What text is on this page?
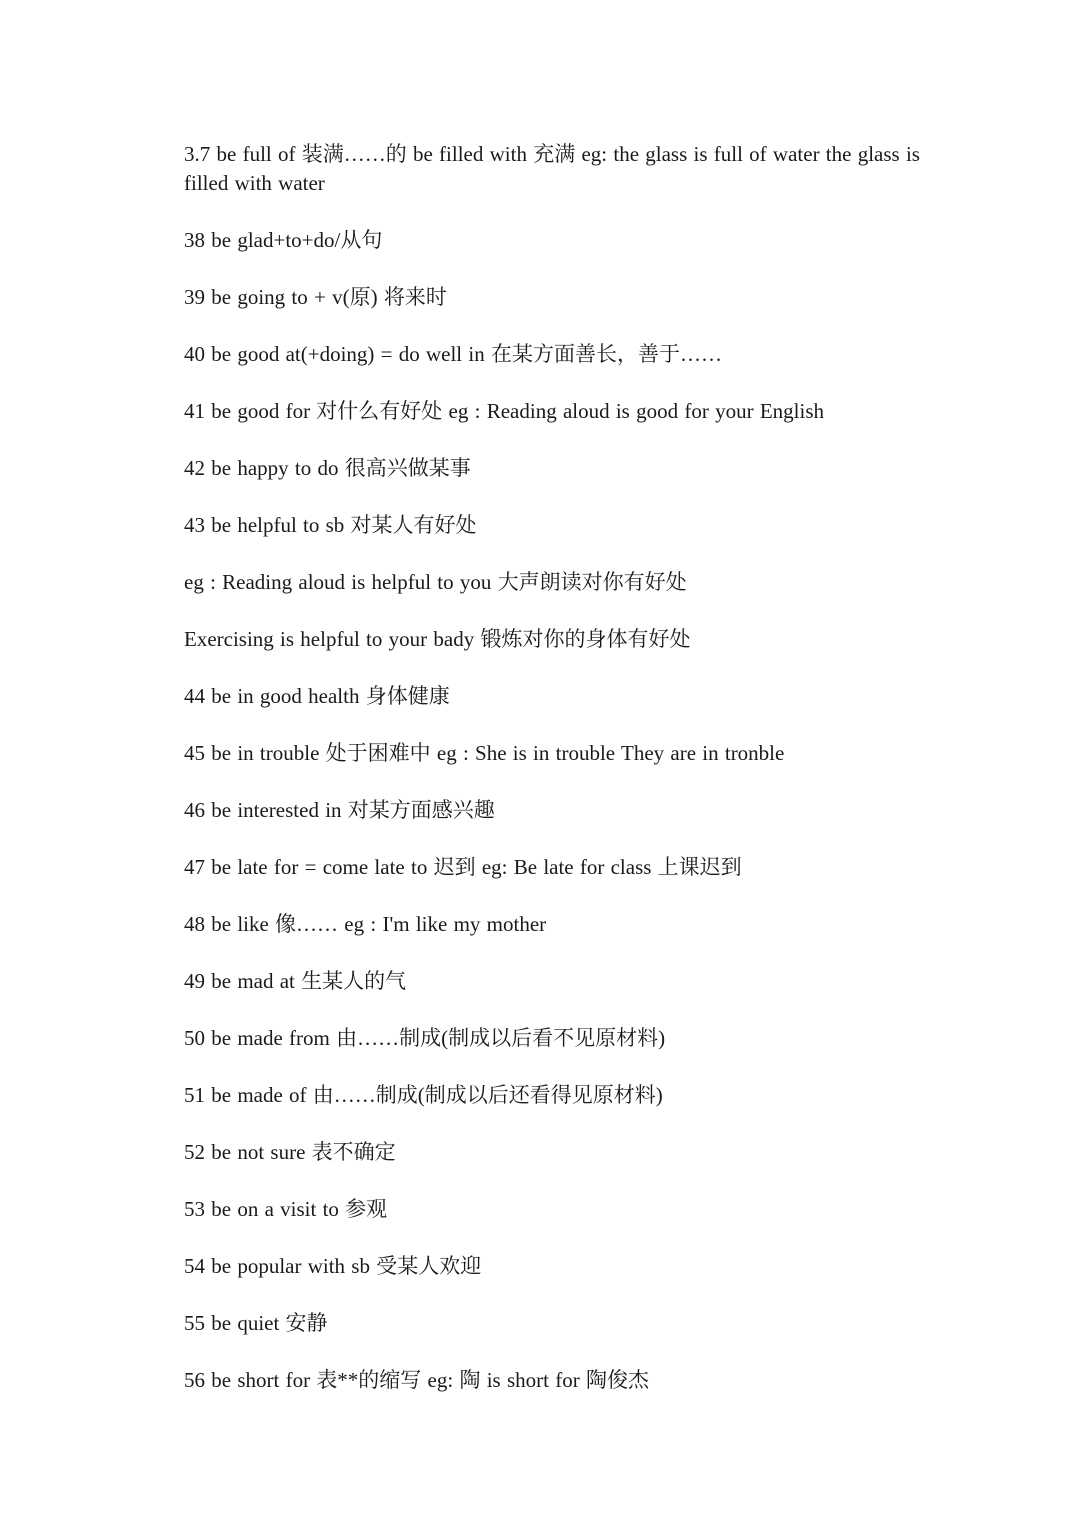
3.7 be full of 装满……的 be filled with 充满 eg: the glass is full of water the glass is filled with water

38 be glad+to+do/从句

39 be going to + v(原) 将来时

40 be good at(+doing) = do well in 在某方面善长，善于……

41 be good for 对什么有好处 eg : Reading aloud is good for your English

42 be happy to do 很高兴做某事

43 be helpful to sb 对某人有好处

eg : Reading aloud is helpful to you 大声朗读对你有好处

Exercising is helpful to your bady 锻炼对你的身体有好处

44 be in good health 身体健康

45 be in trouble 处于困难中 eg : She is in trouble They are in tronble

46 be interested in 对某方面感兴趣

47 be late for = come late to 迟到 eg: Be late for class 上课迟到

48 be like 像…… eg : I'm like my mother

49 be mad at 生某人的气

50 be made from 由……制成(制成以后看不见原材料)

51 be made of 由……制成(制成以后还看得见原材料)

52 be not sure 表不确定

53 be on a visit to 参观

54 be popular with sb 受某人欢迎

55 be quiet 安静

56 be short for 表**的缩写 eg: 陶 is short for 陶俊杰
